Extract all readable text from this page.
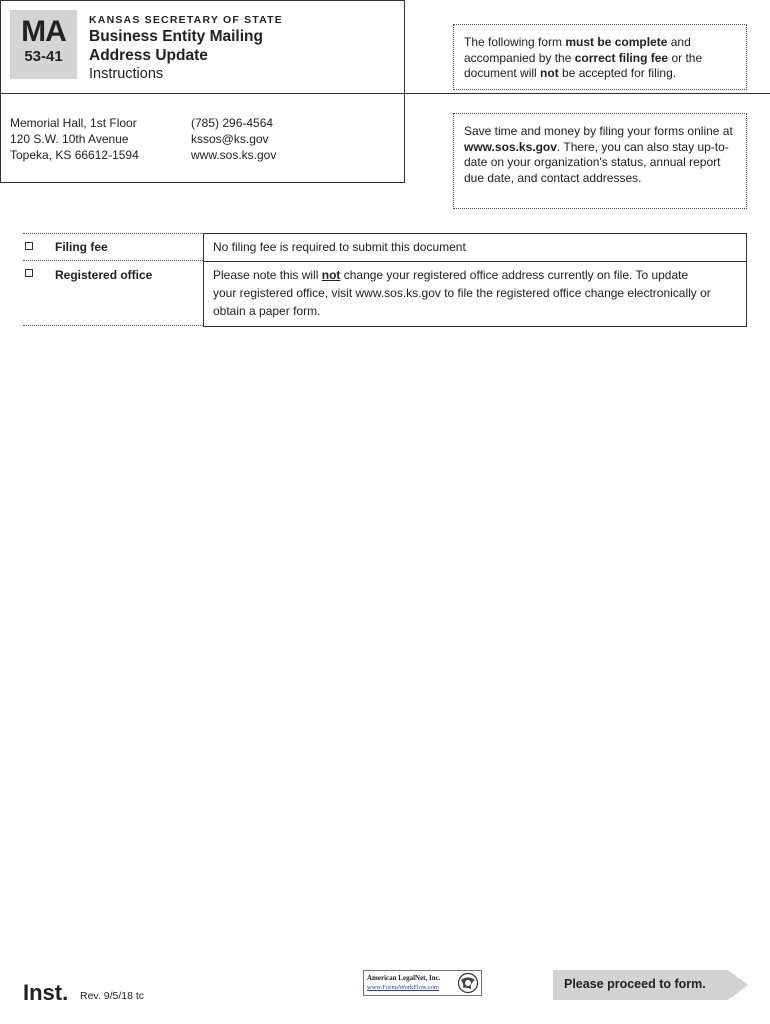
MA
53-41
KANSAS SECRETARY OF STATE
Business Entity Mailing
Address Update
Instructions
Memorial Hall, 1st Floor
120 S.W. 10th Avenue
Topeka, KS 66612-1594
(785) 296-4564
kssos@ks.gov
www.sos.ks.gov
The following form must be complete and accompanied by the correct filing fee or the document will not be accepted for filing.
Save time and money by filing your forms online at www.sos.ks.gov. There, you can also stay up-to-date on your organization's status, annual report due date, and contact addresses.
Filing fee
Registered office
No filing fee is required to submit this document
Please note this will not change your registered office address currently on file. To update
your registered office, visit www.sos.ks.gov to file the registered office change electronically or
obtain a paper form.
Inst. Rev. 9/5/18 tc
American LegalNet, Inc.
www.FormsWorkFlow.com	Please proceed to form.
